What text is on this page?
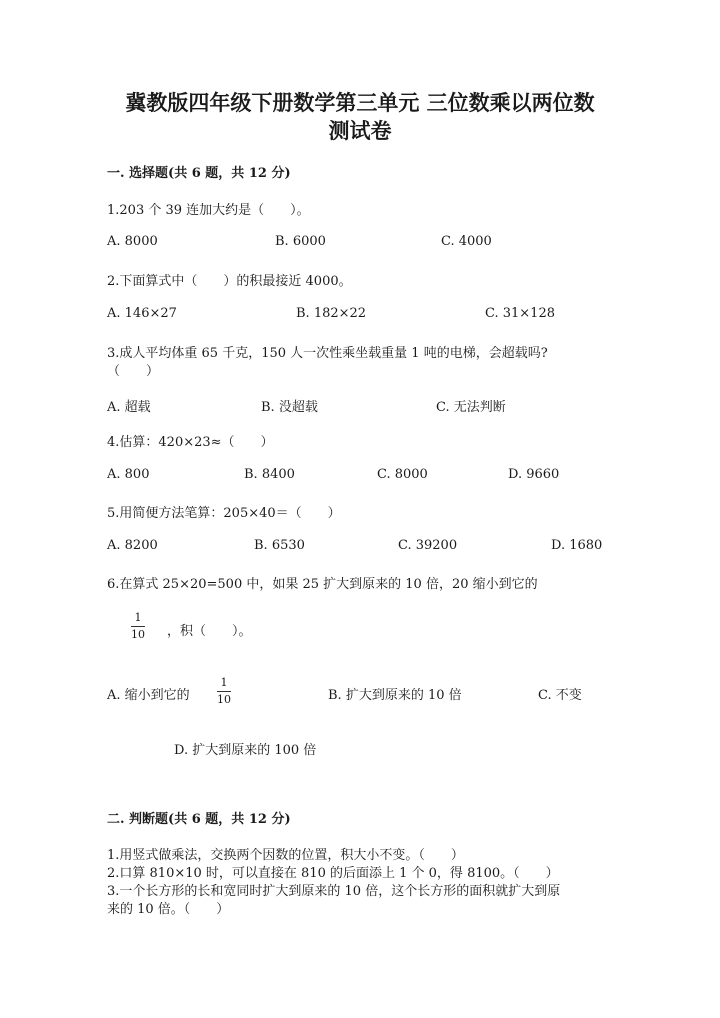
冀教版四年级下册数学第三单元 三位数乘以两位数
测试卷
一. 选择题(共 6 题，共 12 分)
1.203 个 39 连加大约是（　　）。
A. 8000	B. 6000	C. 4000
2.下面算式中（　　）的积最接近 4000。
A. 146×27	B. 182×22	C. 31×128
3.成人平均体重 65 千克，150 人一次性乘坐载重量 1 吨的电梯，会超载吗?
（　　）
A. 超载	B. 没超载	C. 无法判断
4.估算：420×23≈（　　）
A. 800	B. 8400	C. 8000	D. 9660
5.用简便方法笔算：205×40＝（　　）
A. 8200	B. 6530	C. 39200	D. 1680
6.在算式 25×20=500 中，如果 25 扩大到原来的 10 倍，20 缩小到它的
1
10 ，积（　　）。
A. 缩小到它的
1
10	B. 扩大到原来的 10 倍	C. 不变
D. 扩大到原来的 100 倍
二. 判断题(共 6 题，共 12 分)
1.用竖式做乘法，交换两个因数的位置，积大小不变。（　　）
2.口算 810×10 时，可以直接在 810 的后面添上 1 个 0，得 8100。（　　）
3.一个长方形的长和宽同时扩大到原来的 10 倍，这个长方形的面积就扩大到原
来的 10 倍。（　　）
